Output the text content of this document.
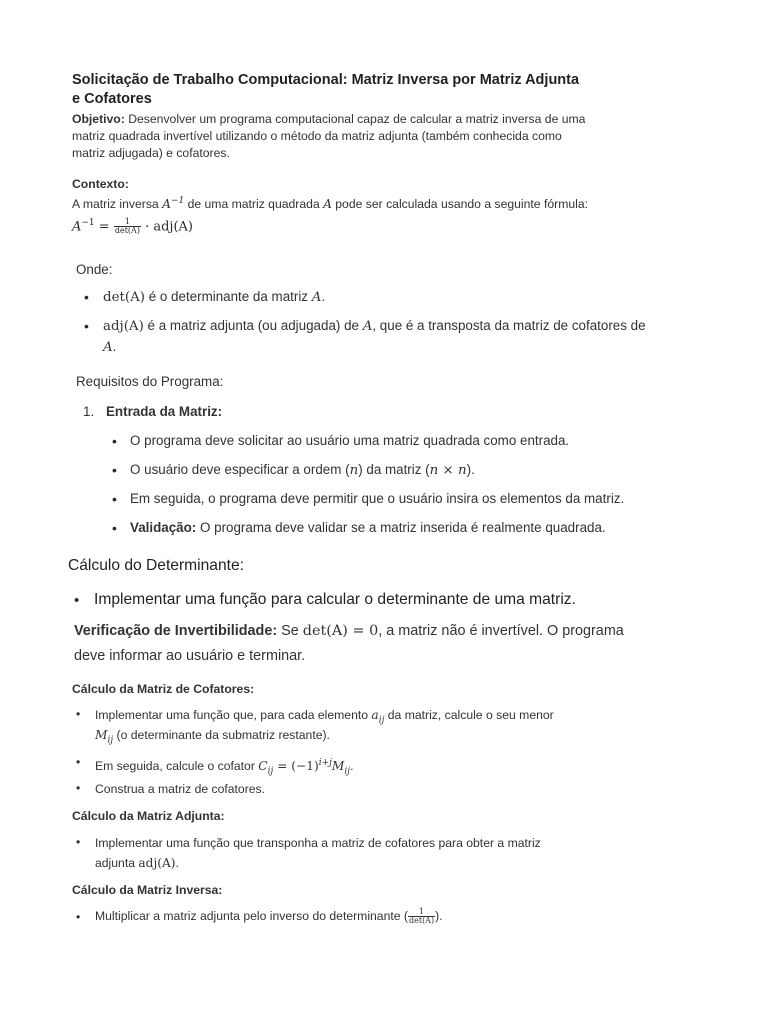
Solicitação de Trabalho Computacional: Matriz Inversa por Matriz Adjunta
e Cofatores
Objetivo: Desenvolver um programa computacional capaz de calcular a matriz inversa de uma
matriz quadrada invertível utilizando o método da matriz adjunta (também conhecida como
matriz adjugada) e cofatores.
Contexto:
A matriz inversa $A^{-1}$ de uma matriz quadrada A pode ser calculada usando a seguinte fórmula:
$A^{-1} = \frac{1}{\det(A)} \cdot adj(A)$
Onde:
• det(A) é o determinante da matriz A.
• adj(A) é a matriz adjunta (ou adjugada) de A, que é a transposta da matriz de cofatores de
A.
Requisitos do Programa:
1. Entrada da Matriz:
• O programa deve solicitar ao usuário uma matriz quadrada como entrada.
• O usuário deve especificar a ordem (n) da matriz (n × n).
• Em seguida, o programa deve permitir que o usuário insira os elementos da matriz.
• Validação: O programa deve validar se a matriz inserida é realmente quadrada.
Cálculo do Determinante:
• Implementar uma função para calcular o determinante de uma matriz.
Verificação de Invertibilidade: Se det(A) = 0, a matriz não é invertível. O programa
deve informar ao usuário e terminar.
Cálculo da Matriz de Cofatores:
• Implementar uma função que, para cada elemento $a_{ij}$ da matriz, calcule o seu menor
$M_{ij}$ (o determinante da submatriz restante).
• Em seguida, calcule o cofator $C_{ij} = (-1)^{i+j}M_{ij}$.
• Construa a matriz de cofatores.
Cálculo da Matriz Adjunta:
• Implementar uma função que transponha a matriz de cofatores para obter a matriz
adjunta adj(A).
Cálculo da Matriz Inversa:
• Multiplicar a matriz adjunta pelo inverso do determinante ( $\frac{1}{\det(A)}$ ).
